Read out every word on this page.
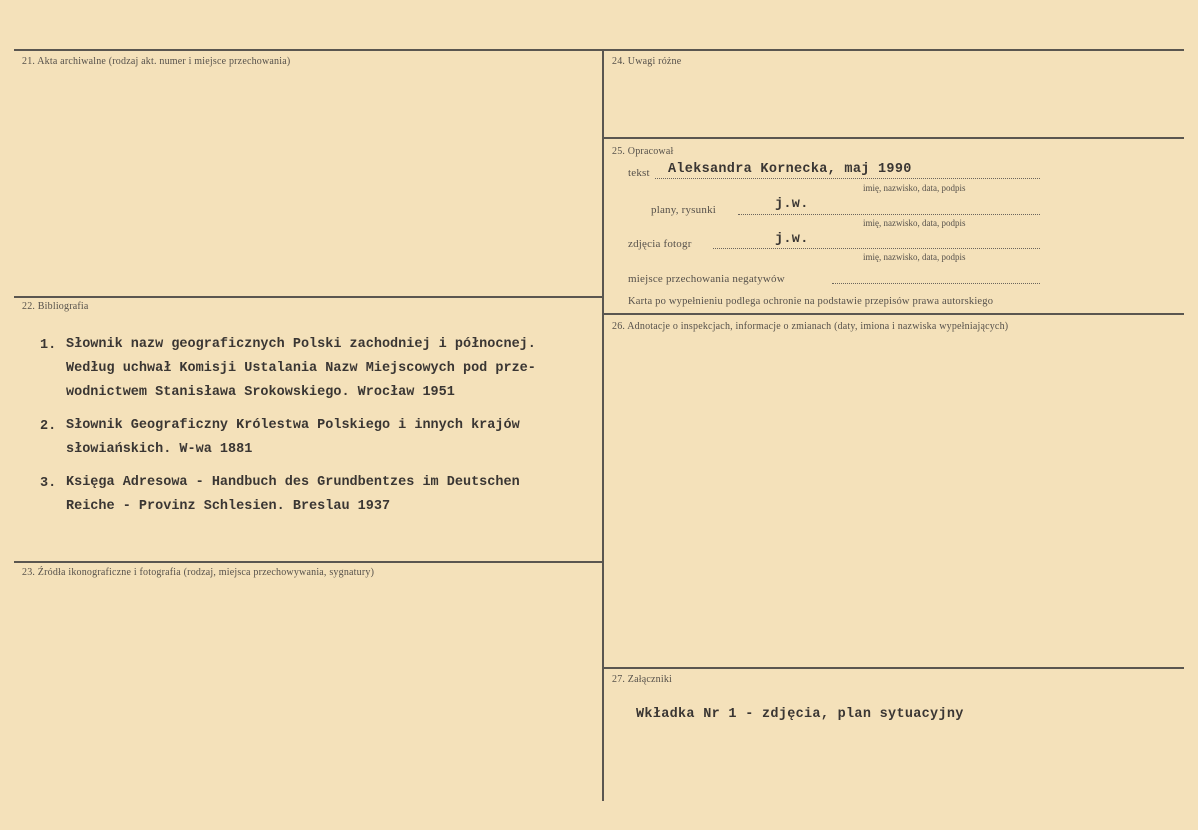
21. Akta archiwalne (rodzaj akt. numer i miejsce przechowania)
22. Bibliografia
1. Słownik nazw geograficznych Polski zachodniej i północnej.
Według uchwał Komisji Ustalania Nazw Miejscowych pod prze-
wodnictwem Stanisława Srokowskiego. Wrocław 1951
2. Słownik Geograficzny Królestwa Polskiego i innych krajów
słowiańskich. W-wa 1881
3. Księga Adresowa - Handbuch des Grundbentzes im Deutschen
Reiche - Provinz Schlesien. Breslau 1937
23. Źródła ikonograficzne i fotografia (rodzaj, miejsca przechowywania, sygnatury)
24. Uwagi różne
25. Opracował
tekst Aleksandra Kornecka, maj 1990
imię, nazwisko, data, podpis
plany, rysunki	j.w.
imię, nazwisko, data, podpis
zdjęcia fotogr	j.w.
imię, nazwisko, data, podpis
miejsce przechowania negatywów
Karta po wypełnieniu podlega ochronie na podstawie przepisów prawa autorskiego
26. Adnotacje o inspekcjach, informacje o zmianach (daty, imiona i nazwiska wypełniających)
27. Załączniki
Wkładka Nr 1 - zdjęcia, plan sytuacyjny
